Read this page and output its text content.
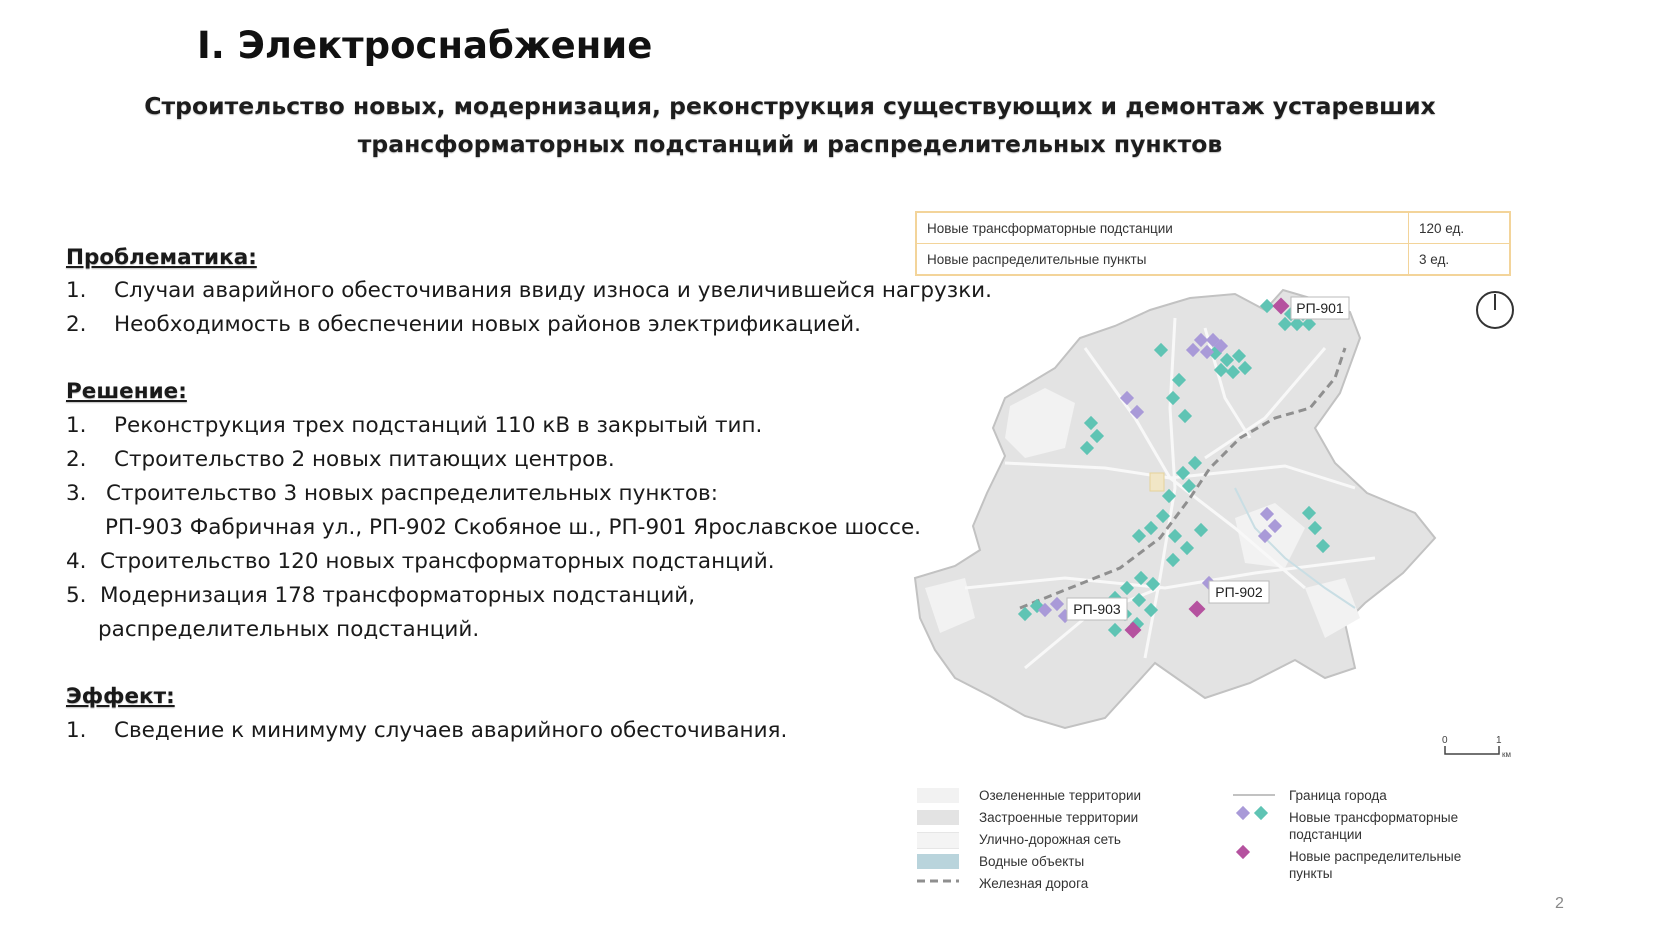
I. Электроснабжение
Строительство новых, модернизация, реконструкция существующих и демонтаж устаревших
трансформаторных подстанций и распределительных пунктов
Проблематика:
1. Случаи аварийного обесточивания ввиду износа и увеличившейся нагрузки.
2. Необходимость в обеспечении новых районов электрификацией.
Решение:
1. Реконструкция трех подстанций 110 кВ в закрытый тип.
2. Строительство 2 новых питающих центров.
3. Строительство 3 новых распределительных пунктов:
РП-903 Фабричная ул., РП-902 Скобяное ш., РП-901 Ярославское шоссе.
4. Строительство 120 новых трансформаторных подстанций.
5. Модернизация 178 трансформаторных подстанций,
распределительных подстанций.
Эффект:
1. Сведение к минимуму случаев аварийного обесточивания.
Новые трансформаторные подстанции	120 ед.
Новые распределительные пункты	3 ед.
РП-901
РП-902
РП-903
0	1
км
Озелененные территории
Застроенные территории
Улично-дорожная сеть
Водные объекты
Железная дорога
Граница города
Новые трансформаторные
подстанции
Новые распределительные
пункты
2
